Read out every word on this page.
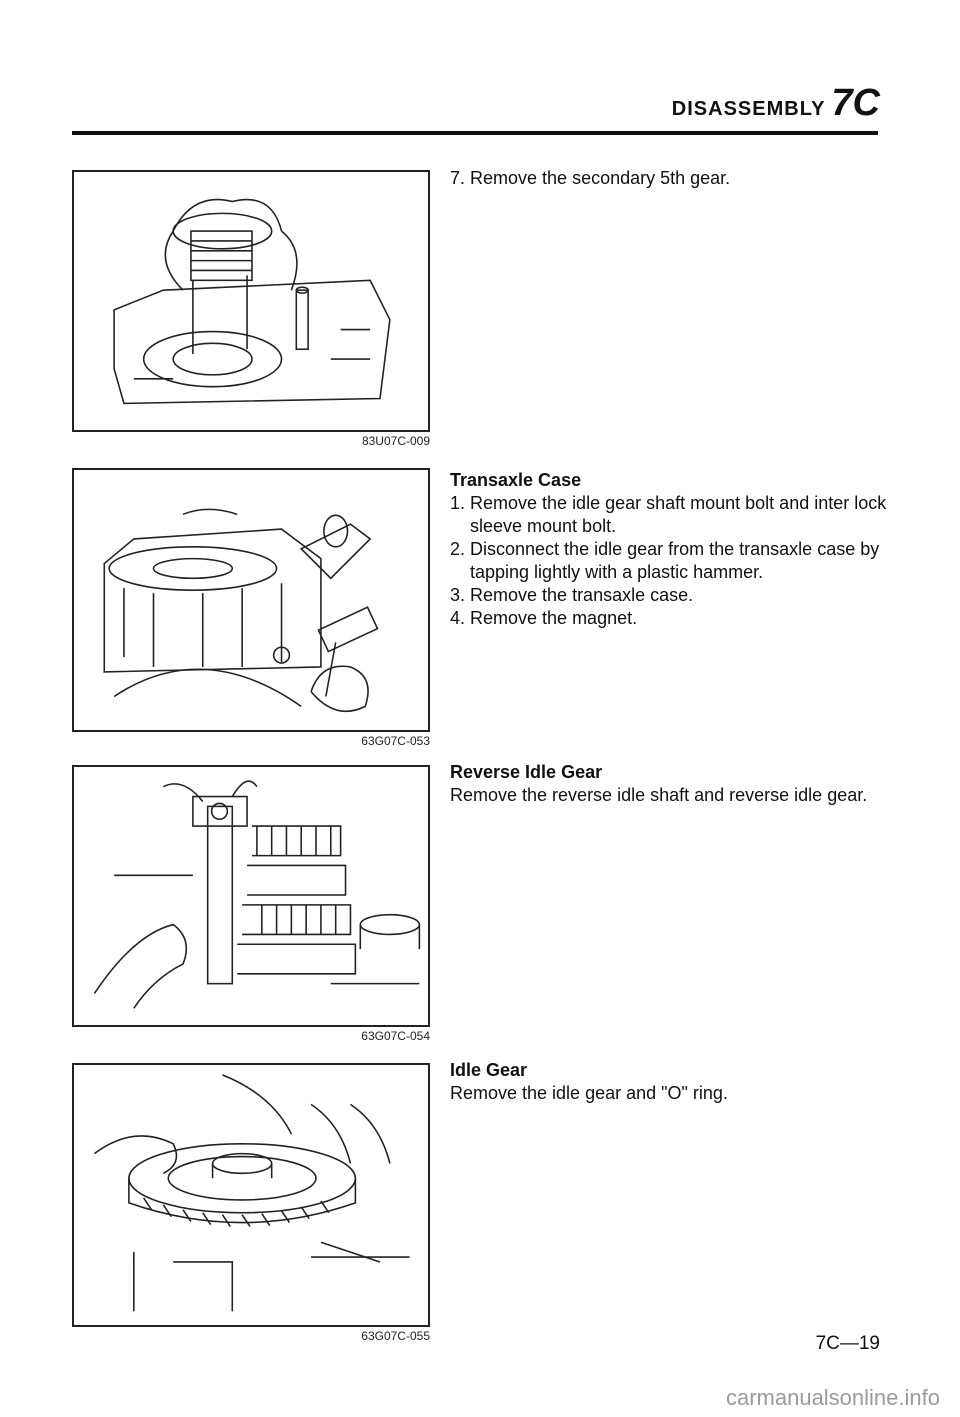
DISASSEMBLY 7C
83U07C-009
63G07C-053
63G07C-054
63G07C-055
7. Remove the secondary 5th gear.
Transaxle Case
1. Remove the idle gear shaft mount bolt and inter lock sleeve mount bolt.
2. Disconnect the idle gear from the transaxle case by tapping lightly with a plastic hammer.
3. Remove the transaxle case.
4. Remove the magnet.
Reverse Idle Gear
Remove the reverse idle shaft and reverse idle gear.
Idle Gear
Remove the idle gear and "O" ring.
7C—19
carmanualsonline.info
